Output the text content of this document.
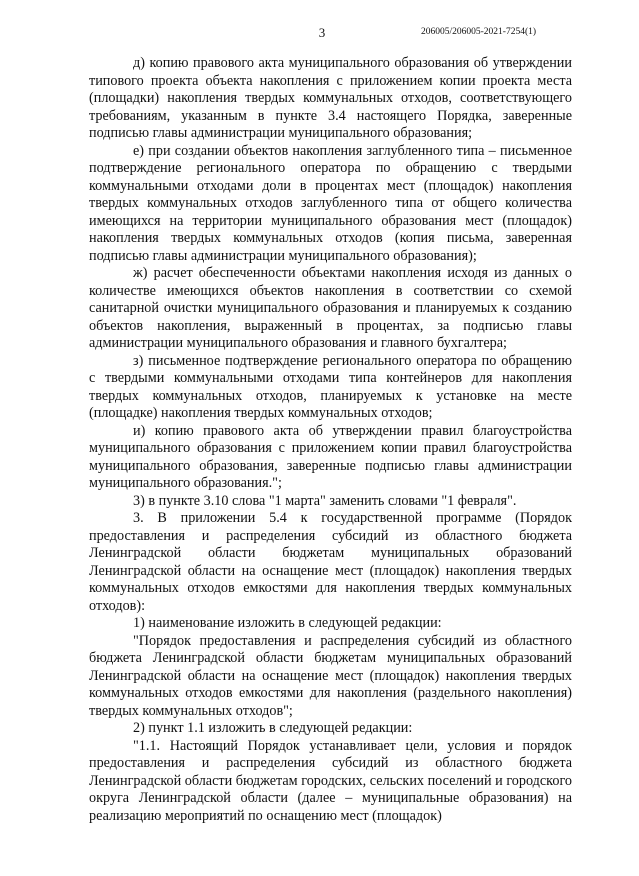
3	206005/206005-2021-7254(1)

д) копию правового акта муниципального образования об утверждении типового проекта объекта накопления с приложением копии проекта места (площадки) накопления твердых коммунальных отходов, соответствующего требованиям, указанным в пункте 3.4 настоящего Порядка, заверенные подписью главы администрации муниципального образования;

е) при создании объектов накопления заглубленного типа – письменное подтверждение регионального оператора по обращению с твердыми коммунальными отходами доли в процентах мест (площадок) накопления твердых коммунальных отходов заглубленного типа от общего количества имеющихся на территории муниципального образования мест (площадок) накопления твердых коммунальных отходов (копия письма, заверенная подписью главы администрации муниципального образования);

ж) расчет обеспеченности объектами накопления исходя из данных о количестве имеющихся объектов накопления в соответствии со схемой санитарной очистки муниципального образования и планируемых к созданию объектов накопления, выраженный в процентах, за подписью главы администрации муниципального образования и главного бухгалтера;

з) письменное подтверждение регионального оператора по обращению с твердыми коммунальными отходами типа контейнеров для накопления твердых коммунальных отходов, планируемых к установке на месте (площадке) накопления твердых коммунальных отходов;

и) копию правового акта об утверждении правил благоустройства муниципального образования с приложением копии правил благоустройства муниципального образования, заверенные подписью главы администрации муниципального образования.";

3) в пункте 3.10 слова "1 марта" заменить словами "1 февраля".

3. В приложении 5.4 к государственной программе (Порядок предоставления и распределения субсидий из областного бюджета Ленинградской области бюджетам муниципальных образований Ленинградской области на оснащение мест (площадок) накопления твердых коммунальных отходов емкостями для накопления твердых коммунальных отходов):

1) наименование изложить в следующей редакции:

"Порядок предоставления и распределения субсидий из областного бюджета Ленинградской области бюджетам муниципальных образований Ленинградской области на оснащение мест (площадок) накопления твердых коммунальных отходов емкостями для накопления (раздельного накопления) твердых коммунальных отходов";

2) пункт 1.1 изложить в следующей редакции:

"1.1. Настоящий Порядок устанавливает цели, условия и порядок предоставления и распределения субсидий из областного бюджета Ленинградской области бюджетам городских, сельских поселений и городского округа Ленинградской области (далее – муниципальные образования) на реализацию мероприятий по оснащению мест (площадок)
